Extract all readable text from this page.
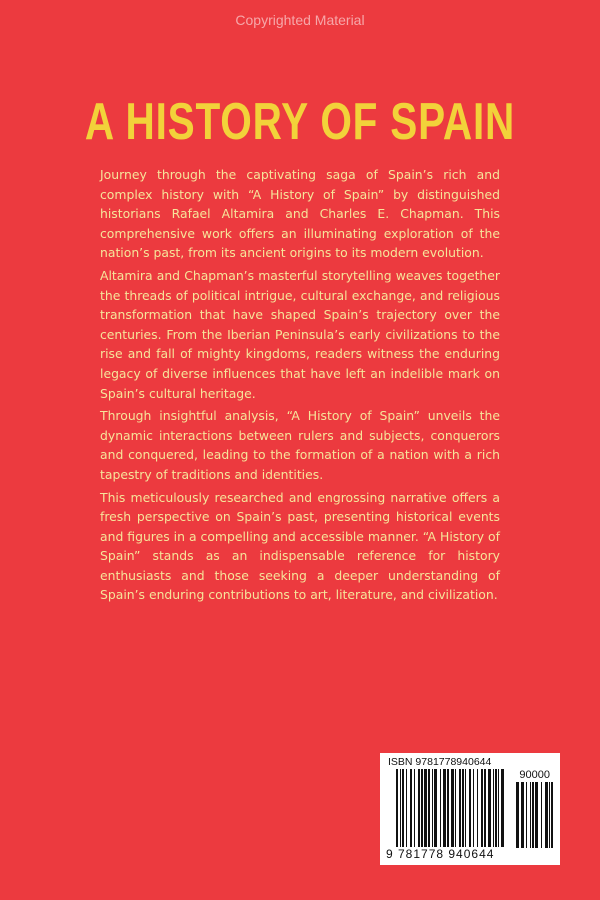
Copyrighted Material
A HISTORY OF SPAIN

Journey through the captivating saga of Spain’s rich and complex history with “A History of Spain” by distinguished historians Rafael Altamira and Charles E. Chapman. This comprehensive work offers an illuminating exploration of the nation’s past, from its ancient origins to its modern evolution.

Altamira and Chapman’s masterful storytelling weaves together the threads of political intrigue, cultural exchange, and religious transformation that have shaped Spain’s trajectory over the centuries. From the Iberian Peninsula’s early civilizations to the rise and fall of mighty kingdoms, readers witness the enduring legacy of diverse influences that have left an indelible mark on Spain’s cultural heritage.

Through insightful analysis, “A History of Spain” unveils the dynamic interactions between rulers and subjects, conquerors and conquered, leading to the formation of a nation with a rich tapestry of traditions and identities.

This meticulously researched and engrossing narrative offers a fresh perspective on Spain’s past, presenting historical events and figures in a compelling and accessible manner. “A History of Spain” stands as an indispensable reference for history enthusiasts and those seeking a deeper understanding of Spain’s enduring contributions to art, literature, and civilization.

ISBN 9781778940644
90000
9 781778 940644
